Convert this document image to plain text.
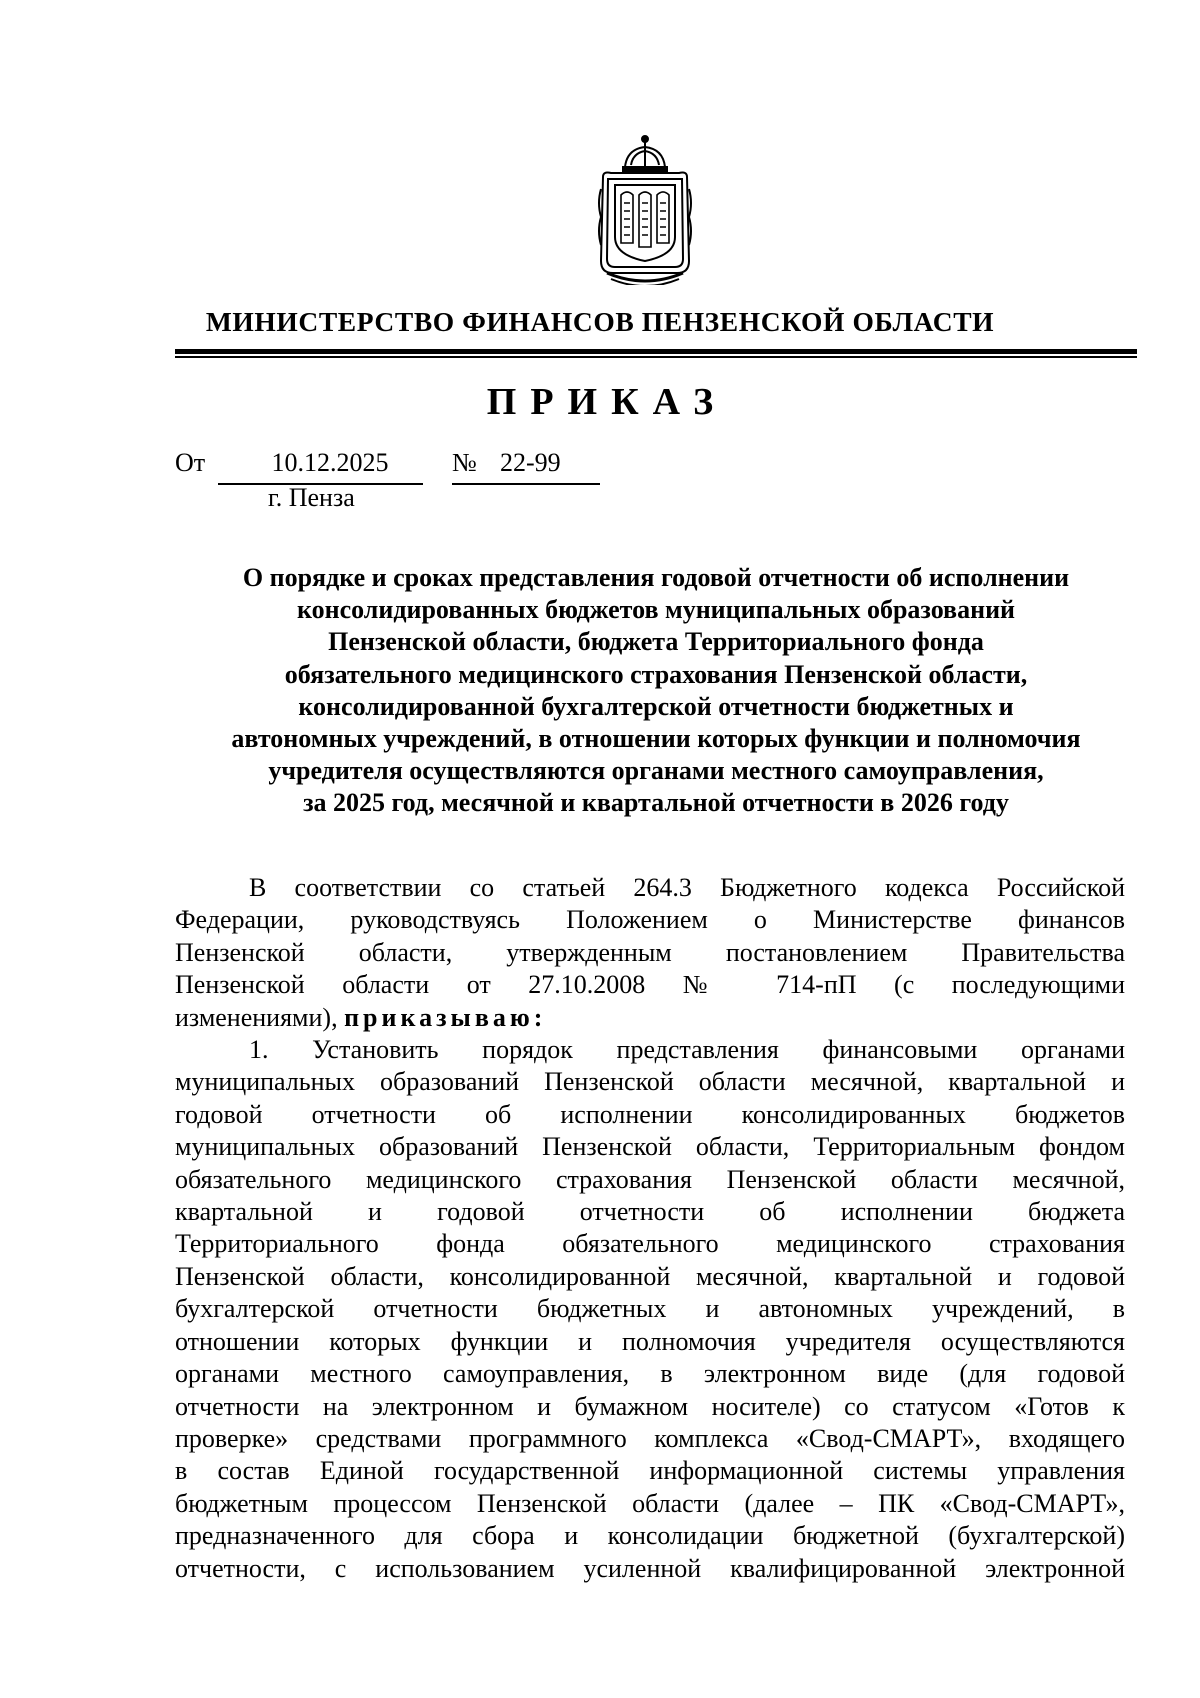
МИНИСТЕРСТВО ФИНАНСОВ ПЕНЗЕНСКОЙ ОБЛАСТИ
ПРИКАЗ
От	10.12.2025	№ 22-99
г. Пенза
О порядке и сроках представления годовой отчетности об исполнении
консолидированных бюджетов муниципальных образований
Пензенской области, бюджета Территориального фонда
обязательного медицинского страхования Пензенской области,
консолидированной бухгалтерской отчетности бюджетных и
автономных учреждений, в отношении которых функции и полномочия
учредителя осуществляются органами местного самоуправления,
за 2025 год, месячной и квартальной отчетности в 2026 году
В соответствии со статьей 264.3 Бюджетного кодекса Российской
Федерации, руководствуясь Положением о Министерстве финансов
Пензенской области, утвержденным постановлением Правительства
Пензенской области от 27.10.2008 № 714-пП (с последующими
изменениями), приказываю:
1. Установить порядок представления финансовыми органами
муниципальных образований Пензенской области месячной, квартальной и
годовой отчетности об исполнении консолидированных бюджетов
муниципальных образований Пензенской области, Территориальным фондом
обязательного медицинского страхования Пензенской области месячной,
квартальной и годовой отчетности об исполнении бюджета
Территориального фонда обязательного медицинского страхования
Пензенской области, консолидированной месячной, квартальной и годовой
бухгалтерской отчетности бюджетных и автономных учреждений, в
отношении которых функции и полномочия учредителя осуществляются
органами местного самоуправления, в электронном виде (для годовой
отчетности на электронном и бумажном носителе) со статусом «Готов к
проверке» средствами программного комплекса «Свод-СМАРТ», входящего
в состав Единой государственной информационной системы управления
бюджетным процессом Пензенской области (далее – ПК «Свод-СМАРТ»,
предназначенного для сбора и консолидации бюджетной (бухгалтерской)
отчетности, с использованием усиленной квалифицированной электронной
